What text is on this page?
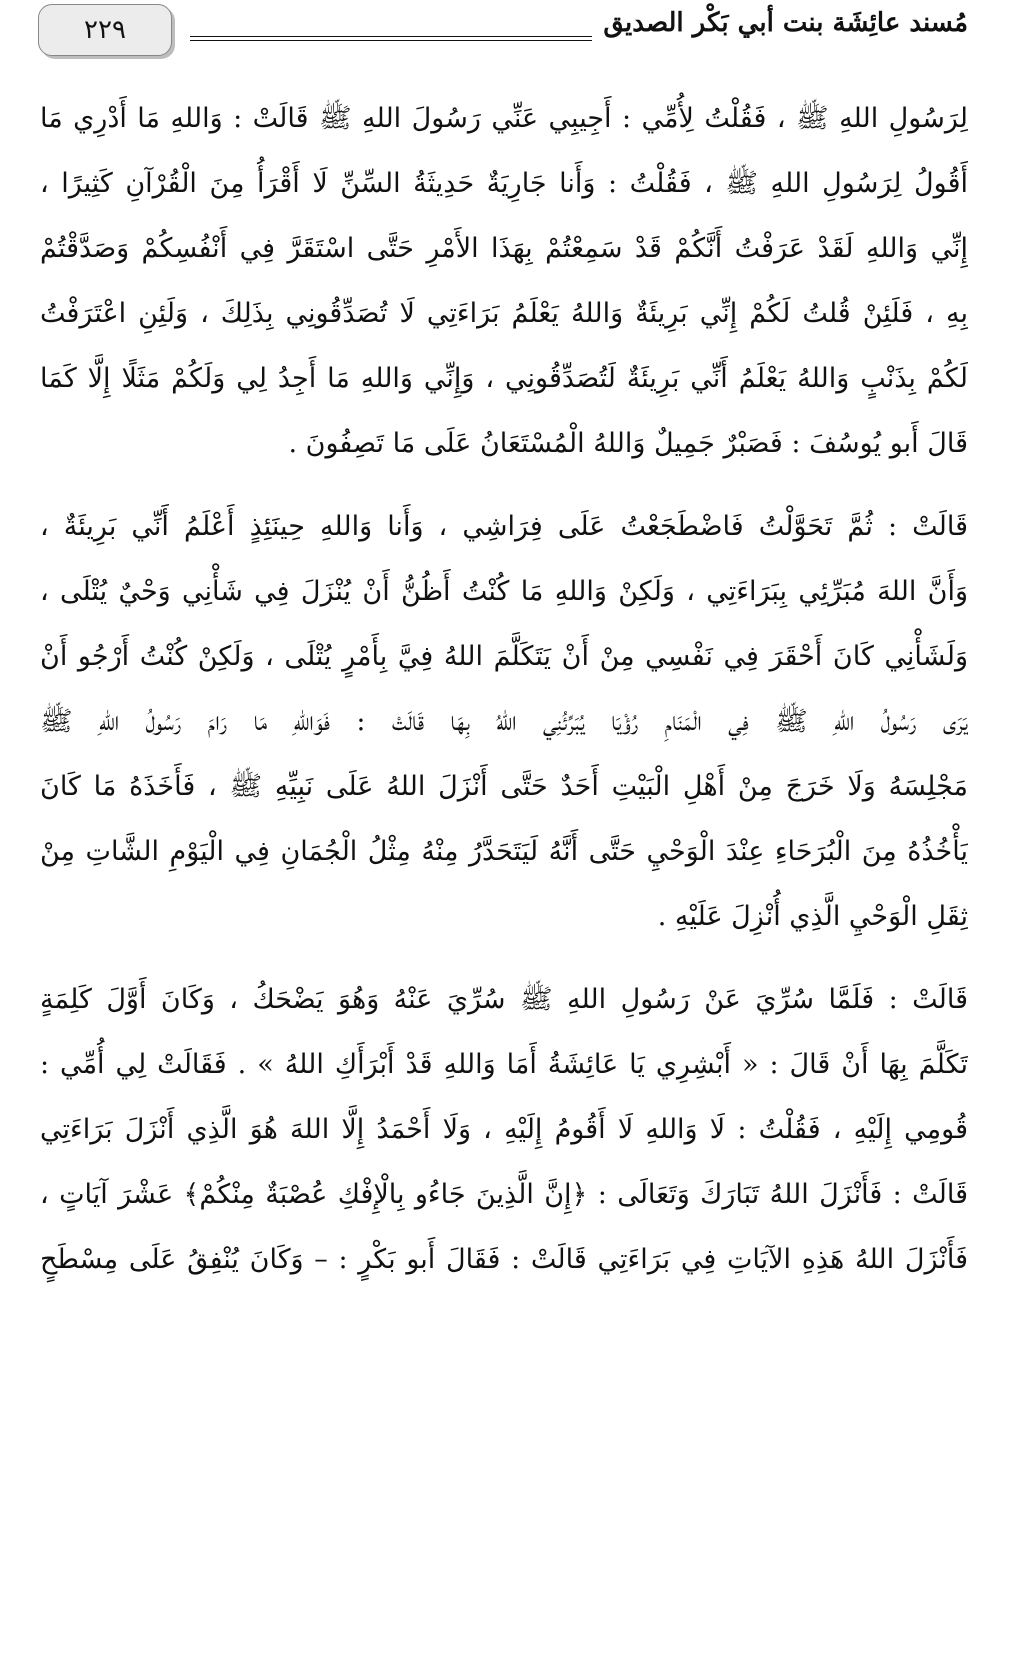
٢٢٩	مُسند عائِشَة بنت أبي بَكْر الصديق
لِرَسُولِ اللهِ ﷺ ، فَقُلْتُ لِأُمِّي : أَجِيبِي عَنِّي رَسُولَ اللهِ ﷺ قَالَتْ : وَاللهِ مَا أَدْرِي مَا
أَقُولُ لِرَسُولِ اللهِ ﷺ ، فَقُلْتُ : وَأَنا جَارِيَةٌ حَدِيثَةُ السِّنِّ لَا أَقْرَأُ مِنَ الْقُرْآنِ كَثِيرًا ،
إِنِّي وَاللهِ لَقَدْ عَرَفْتُ أَنَّكُمْ قَدْ سَمِعْتُمْ بِهَذَا الأَمْرِ حَتَّى اسْتَقَرَّ فِي أَنْفُسِكُمْ وَصَدَّقْتُمْ
بِهِ ، فَلَئِنْ قُلتُ لَكُمْ إِنِّي بَرِيئَةٌ وَاللهُ يَعْلَمُ بَرَاءَتِي لَا تُصَدِّقُونِي بِذَلِكَ ، وَلَئِنِ اعْتَرَفْتُ
لَكُمْ بِذَنْبٍ وَاللهُ يَعْلَمُ أَنِّي بَرِيئَةٌ لَتُصَدِّقُونِي ، وَإِنِّي وَاللهِ مَا أَجِدُ لِي وَلَكُمْ مَثَلًا إِلَّا كَمَا
قَالَ أَبو يُوسُفَ : فَصَبْرٌ جَمِيلٌ وَاللهُ الْمُسْتَعَانُ عَلَى مَا تَصِفُونَ .
قَالَتْ : ثُمَّ تَحَوَّلْتُ فَاضْطَجَعْتُ عَلَى فِرَاشِي ، وَأَنا وَاللهِ حِينَئِذٍ أَعْلَمُ أَنِّي بَرِيئَةٌ ،
وَأَنَّ اللهَ مُبَرِّئِي بِبَرَاءَتِي ، وَلَكِنْ وَاللهِ مَا كُنْتُ أَظُنُّ أَنْ يُنْزَلَ فِي شَأْنِي وَحْيٌ يُتْلَى ،
وَلَشَأْنِي كَانَ أَحْقَرَ فِي نَفْسِي مِنْ أَنْ يَتَكَلَّمَ اللهُ فِيَّ بِأَمْرٍ يُتْلَى ، وَلَكِنْ كُنْتُ أَرْجُو أَنْ
يَرَى رَسُولُ اللهِ ﷺ فِي الْمَنَامِ رُؤْيَا يُبَرِّئُنِي اللهُ بِهَا قَالَتْ : فَوَاللهِ مَا رَامَ رَسُولُ اللهِ ﷺ
مَجْلِسَهُ وَلَا خَرَجَ مِنْ أَهْلِ الْبَيْتِ أَحَدٌ حَتَّى أَنْزَلَ اللهُ عَلَى نَبِيِّهِ ﷺ ، فَأَخَذَهُ مَا كَانَ
يَأْخُذُهُ مِنَ الْبُرَحَاءِ عِنْدَ الْوَحْيِ حَتَّى أَنَّهُ لَيَتَحَدَّرُ مِنْهُ مِثْلُ الْجُمَانِ فِي الْيَوْمِ الشَّاتِ مِنْ
ثِقَلِ الْوَحْيِ الَّذِي أُنْزِلَ عَلَيْهِ .
قَالَتْ : فَلَمَّا سُرِّيَ عَنْ رَسُولِ اللهِ ﷺ سُرِّيَ عَنْهُ وَهُوَ يَضْحَكُ ، وَكَانَ أَوَّلَ كَلِمَةٍ
تَكَلَّمَ بِهَا أَنْ قَالَ : « أَبْشِرِي يَا عَائِشَةُ أَمَا وَاللهِ قَدْ أَبْرَأَكِ اللهُ » . فَقَالَتْ لِي أُمِّي :
قُومِي إِلَيْهِ ، فَقُلْتُ : لَا وَاللهِ لَا أَقُومُ إِلَيْهِ ، وَلَا أَحْمَدُ إِلَّا اللهَ هُوَ الَّذِي أَنْزَلَ بَرَاءَتِي
قَالَتْ : فَأَنْزَلَ اللهُ تَبَارَكَ وَتَعَالَى : ﴿إِنَّ الَّذِينَ جَاءُو بِالْإِفْكِ عُصْبَةٌ مِنْكُمْ﴾ عَشْرَ آيَاتٍ ،
فَأَنْزَلَ اللهُ هَذِهِ الآيَاتِ فِي بَرَاءَتِي قَالَتْ : فَقَالَ أَبو بَكْرٍ : – وَكَانَ يُنْفِقُ عَلَى مِسْطَحٍ
